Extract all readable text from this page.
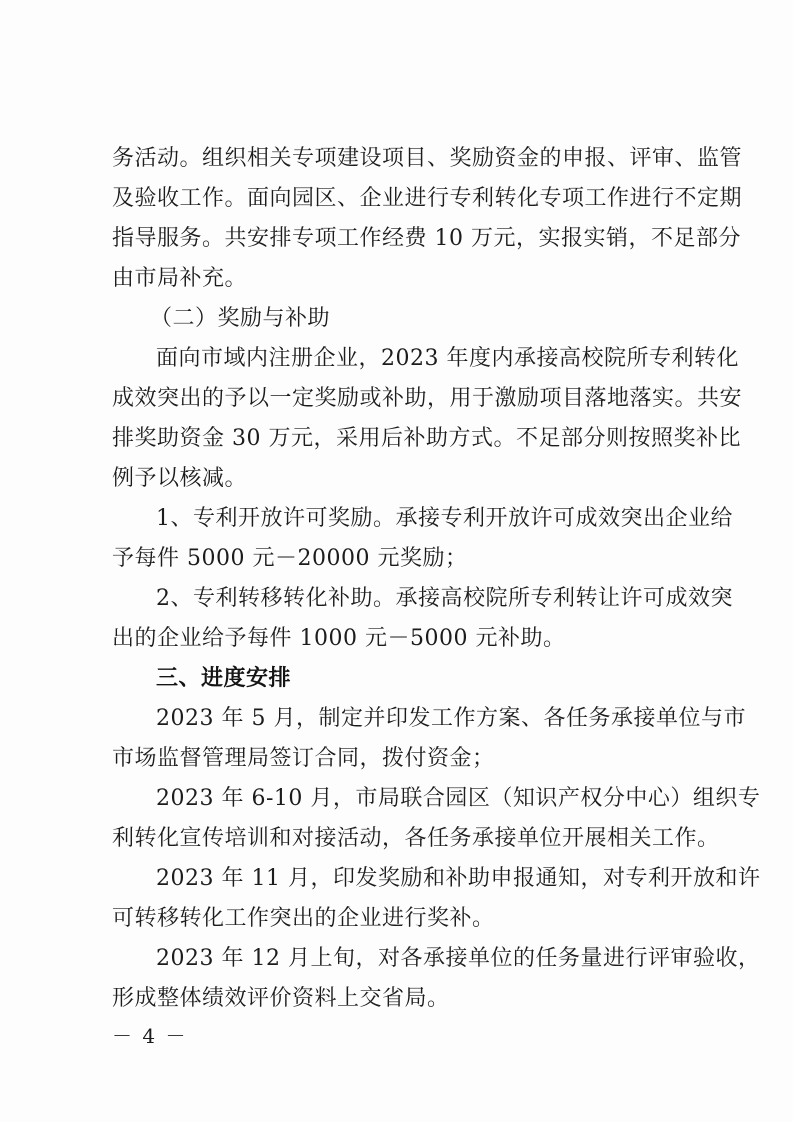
务活动。组织相关专项建设项目、奖励资金的申报、评审、监管
及验收工作。面向园区、企业进行专利转化专项工作进行不定期
指导服务。共安排专项工作经费 10 万元，实报实销，不足部分
由市局补充。
（二）奖励与补助
面向市域内注册企业，2023 年度内承接高校院所专利转化
成效突出的予以一定奖励或补助，用于激励项目落地落实。共安
排奖助资金 30 万元，采用后补助方式。不足部分则按照奖补比
例予以核减。
1、专利开放许可奖励。承接专利开放许可成效突出企业给
予每件 5000 元－20000 元奖励；
2、专利转移转化补助。承接高校院所专利转让许可成效突
出的企业给予每件 1000 元－5000 元补助。
三、进度安排
2023 年 5 月，制定并印发工作方案、各任务承接单位与市
市场监督管理局签订合同，拨付资金；
2023 年 6-10 月，市局联合园区（知识产权分中心）组织专
利转化宣传培训和对接活动，各任务承接单位开展相关工作。
2023 年 11 月，印发奖励和补助申报通知，对专利开放和许
可转移转化工作突出的企业进行奖补。
2023 年 12 月上旬，对各承接单位的任务量进行评审验收，
形成整体绩效评价资料上交省局。
－ 4 －
